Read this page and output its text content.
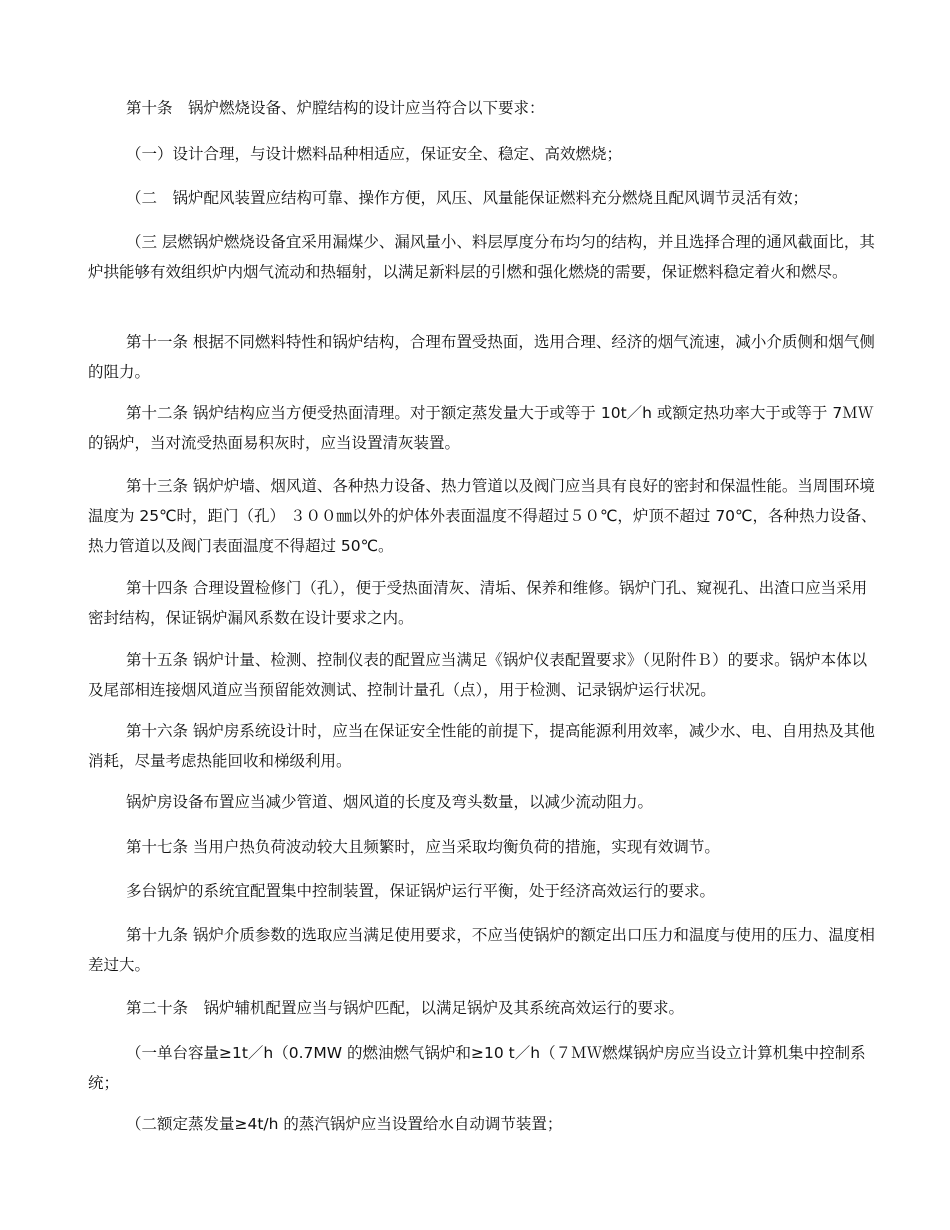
第十条　锅炉燃烧设备、炉膛结构的设计应当符合以下要求：

（一）设计合理，与设计燃料品种相适应，保证安全、稳定、高效燃烧；

（二　锅炉配风装置应结构可靠、操作方便，风压、风量能保证燃料充分燃烧且配风调节灵活有效；

（三 层燃锅炉燃烧设备宜采用漏煤少、漏风量小、料层厚度分布均匀的结构，并且选择合理的通风截面比，其炉拱能够有效组织炉内烟气流动和热辐射，以满足新料层的引燃和强化燃烧的需要，保证燃料稳定着火和燃尽。

第十一条 根据不同燃料特性和锅炉结构，合理布置受热面，选用合理、经济的烟气流速，减小介质侧和烟气侧的阻力。

第十二条 锅炉结构应当方便受热面清理。对于额定蒸发量大于或等于 10t／h 或额定热功率大于或等于 7ＭＷ的锅炉，当对流受热面易积灰时，应当设置清灰装置。

第十三条 锅炉炉墙、烟风道、各种热力设备、热力管道以及阀门应当具有良好的密封和保温性能。当周围环境温度为 25℃时，距门（孔） ３００㎜以外的炉体外表面温度不得超过５０℃，炉顶不超过 70℃，各种热力设备、热力管道以及阀门表面温度不得超过 50℃。

第十四条 合理设置检修门（孔），便于受热面清灰、清垢、保养和维修。锅炉门孔、窥视孔、出渣口应当采用密封结构，保证锅炉漏风系数在设计要求之内。

第十五条 锅炉计量、检测、控制仪表的配置应当满足《锅炉仪表配置要求》（见附件Ｂ）的要求。锅炉本体以及尾部相连接烟风道应当预留能效测试、控制计量孔（点），用于检测、记录锅炉运行状况。

第十六条 锅炉房系统设计时，应当在保证安全性能的前提下，提高能源利用效率，减少水、电、自用热及其他消耗，尽量考虑热能回收和梯级利用。

锅炉房设备布置应当减少管道、烟风道的长度及弯头数量，以减少流动阻力。

第十七条 当用户热负荷波动较大且频繁时，应当采取均衡负荷的措施，实现有效调节。

多台锅炉的系统宜配置集中控制装置，保证锅炉运行平衡，处于经济高效运行的要求。

第十九条 锅炉介质参数的选取应当满足使用要求，不应当使锅炉的额定出口压力和温度与使用的压力、温度相差过大。

第二十条　锅炉辅机配置应当与锅炉匹配，以满足锅炉及其系统高效运行的要求。

（一单台容量≥1t／h（0.7MW 的燃油燃气锅炉和≥10 t／h（７ＭＷ燃煤锅炉房应当设立计算机集中控制系统；

（二额定蒸发量≥4t/h 的蒸汽锅炉应当设置给水自动调节装置；
